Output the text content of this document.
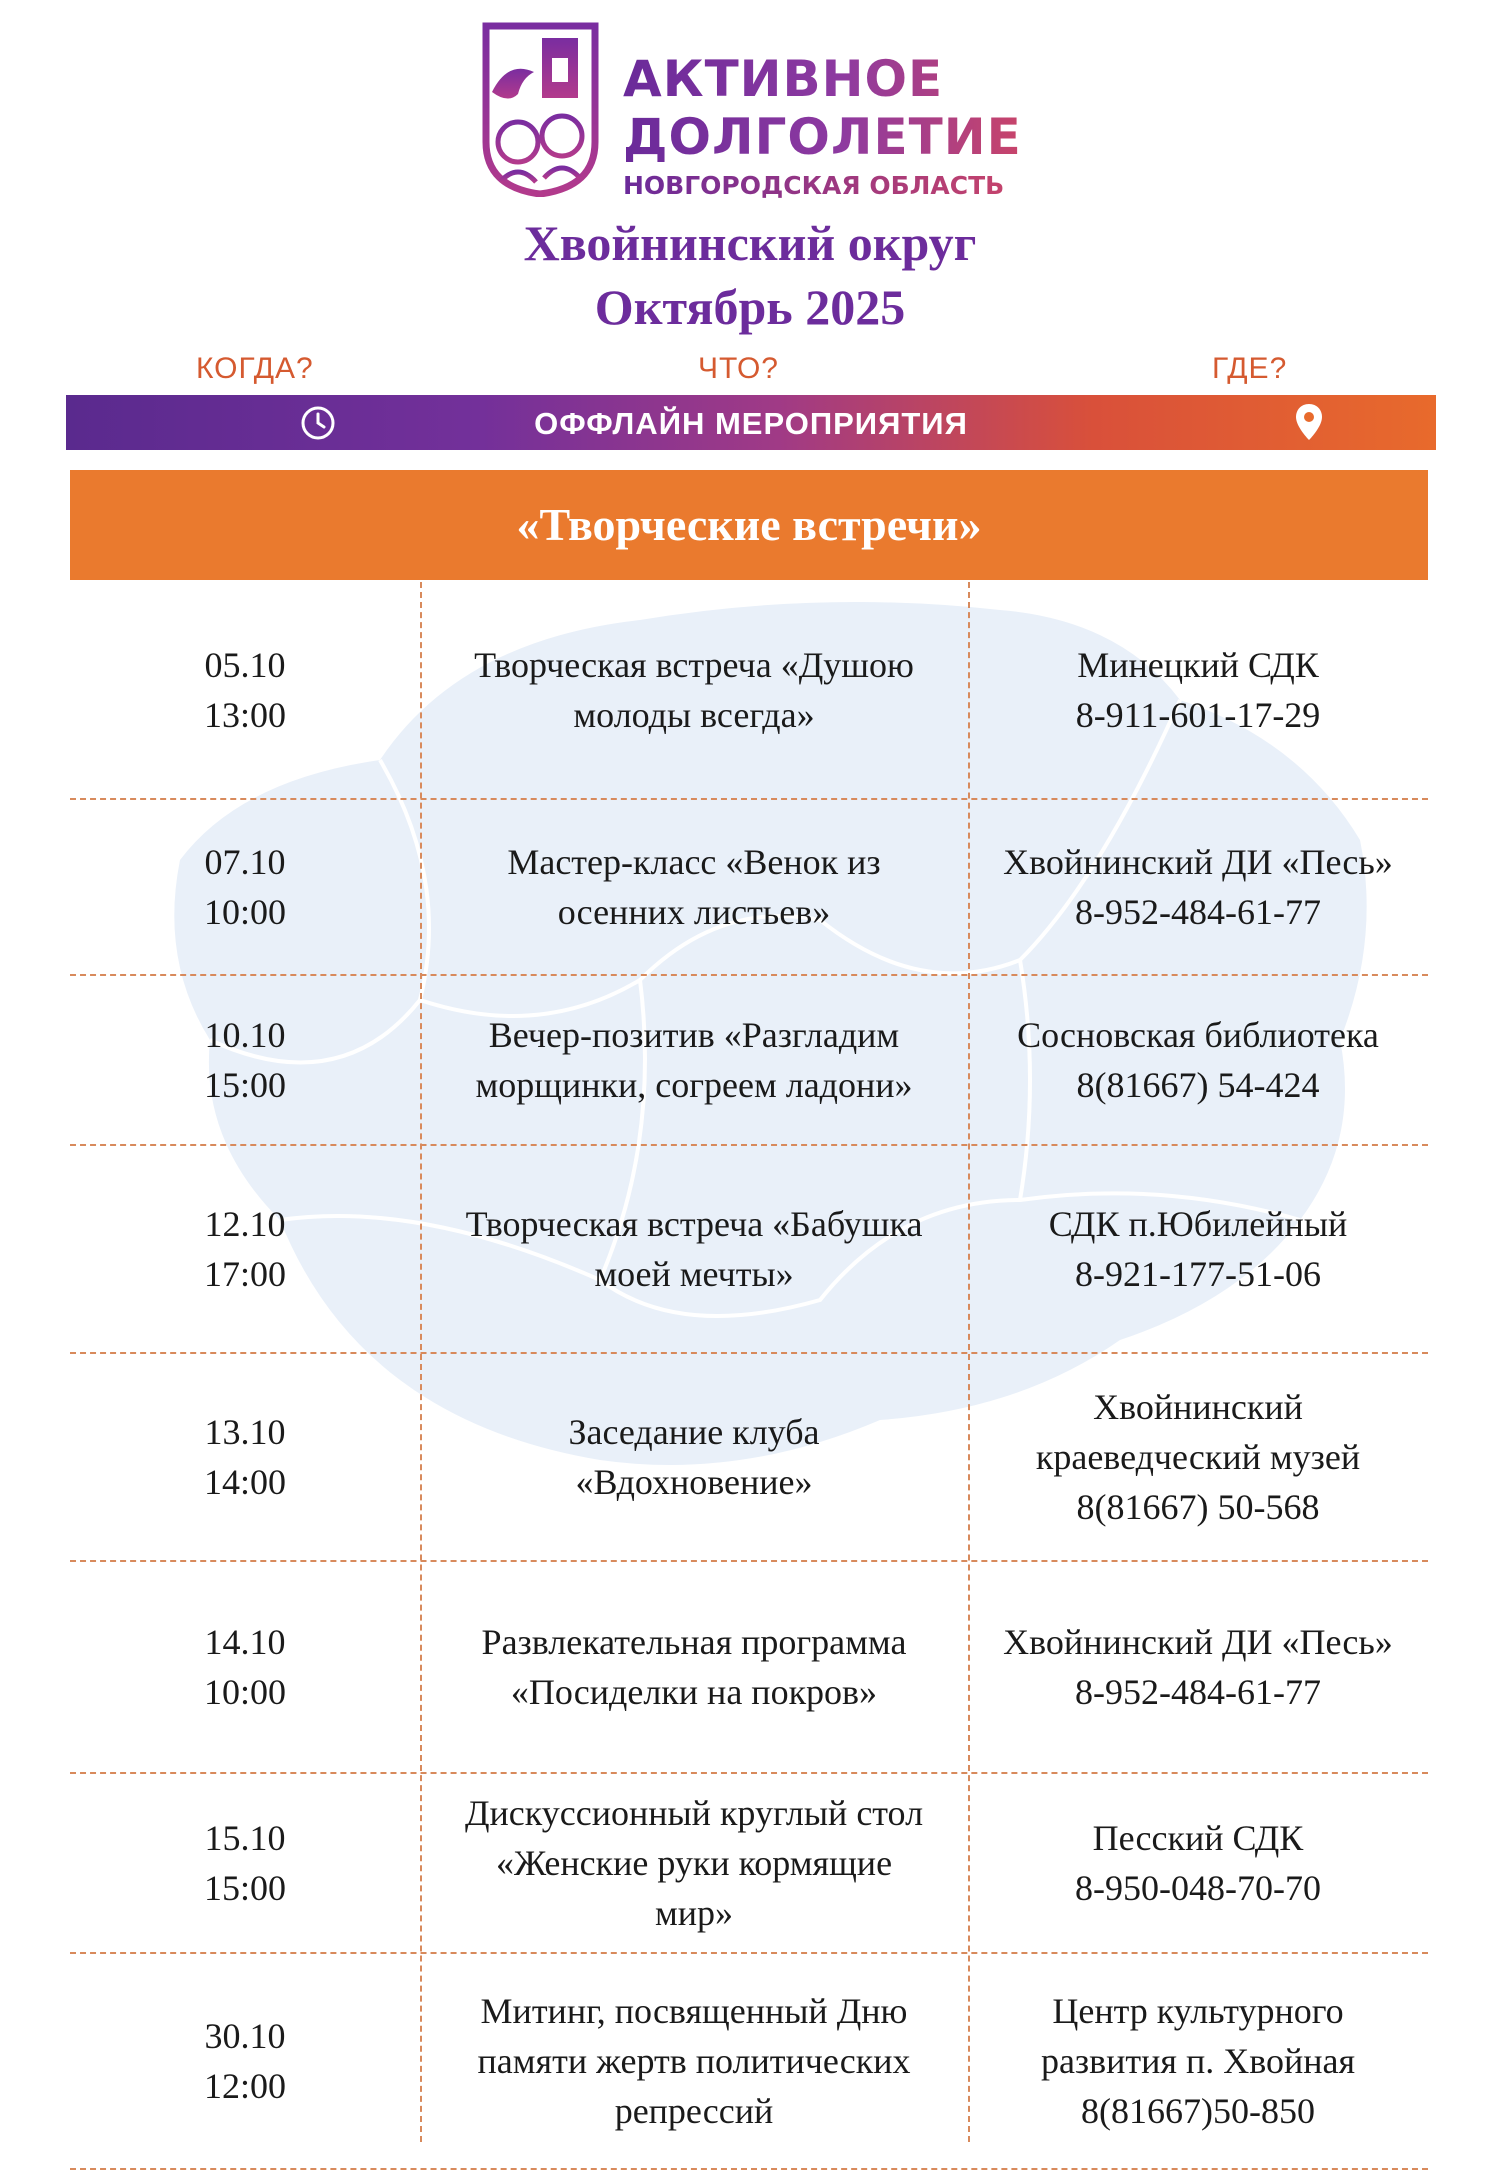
АКТИВНОЕ
ДОЛГОЛЕТИЕ
НОВГОРОДСКАЯ ОБЛАСТЬ
Хвойнинский округ
Октябрь 2025
КОГДА?	ЧТО?	ГДЕ?
ОФФЛАЙН МЕРОПРИЯТИЯ
«Творческие встречи»
05.10
13:00
Творческая встреча «Душою
молоды всегда»
Минецкий СДК
8-911-601-17-29
07.10
10:00
Мастер-класс «Венок из
осенних листьев»
Хвойнинский ДИ «Песь»
8-952-484-61-77
10.10
15:00
Вечер-позитив «Разгладим
морщинки, согреем ладони»
Сосновская библиотека
8(81667) 54-424
12.10
17:00
Творческая встреча «Бабушка
моей мечты»
СДК п.Юбилейный
8-921-177-51-06
13.10
14:00
Заседание клуба
«Вдохновение»
Хвойнинский
краеведческий музей
8(81667) 50-568
14.10
10:00
Развлекательная программа
«Посиделки на покров»
Хвойнинский ДИ «Песь»
8-952-484-61-77
15.10
15:00
Дискуссионный круглый стол
«Женские руки кормящие
мир»
Песский СДК
8-950-048-70-70
30.10
12:00
Митинг, посвященный Дню
памяти жертв политических
репрессий
Центр культурного
развития п. Хвойная
8(81667)50-850
